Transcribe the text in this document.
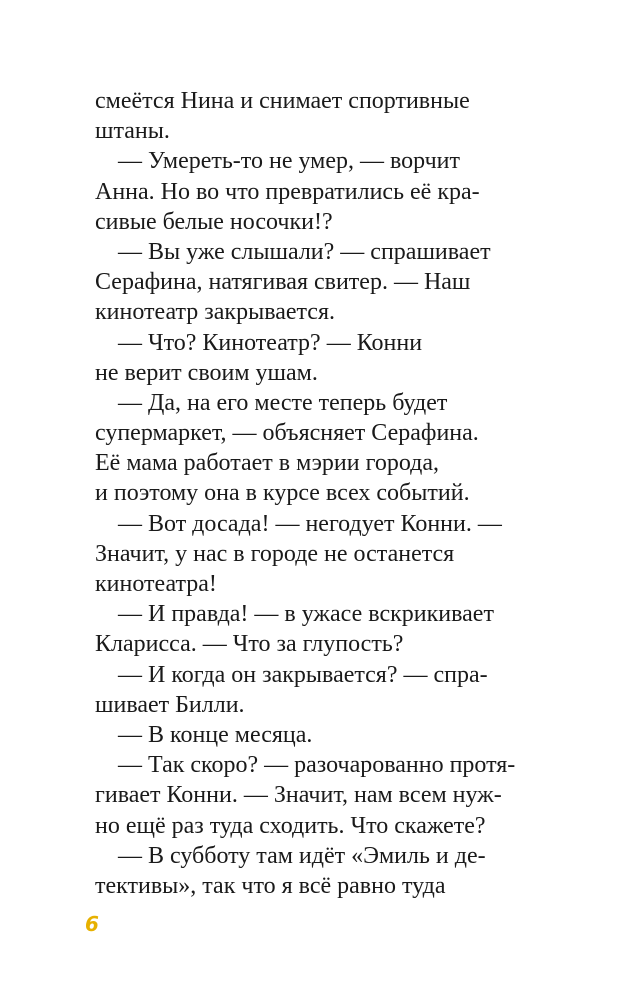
смеётся Нина и снимает спортивные
штаны.
— Умереть-то не умер, — ворчит
Анна. Но во что превратились её кра-
сивые белые носочки!?
— Вы уже слышали? — спрашивает
Серафина, натягивая свитер. — Наш
кинотеатр закрывается.
— Что? Кинотеатр? — Конни
не верит своим ушам.
— Да, на его месте теперь будет
супермаркет, — объясняет Серафина.
Её мама работает в мэрии города,
и поэтому она в курсе всех событий.
— Вот досада! — негодует Конни. —
Значит, у нас в городе не останется
кинотеатра!
— И правда! — в ужасе вскрикивает
Кларисса. — Что за глупость?
— И когда он закрывается? — спра-
шивает Билли.
— В конце месяца.
— Так скоро? — разочарованно протя-
гивает Конни. — Значит, нам всем нуж-
но ещё раз туда сходить. Что скажете?
— В субботу там идёт «Эмиль и де-
тективы», так что я всё равно туда
6
